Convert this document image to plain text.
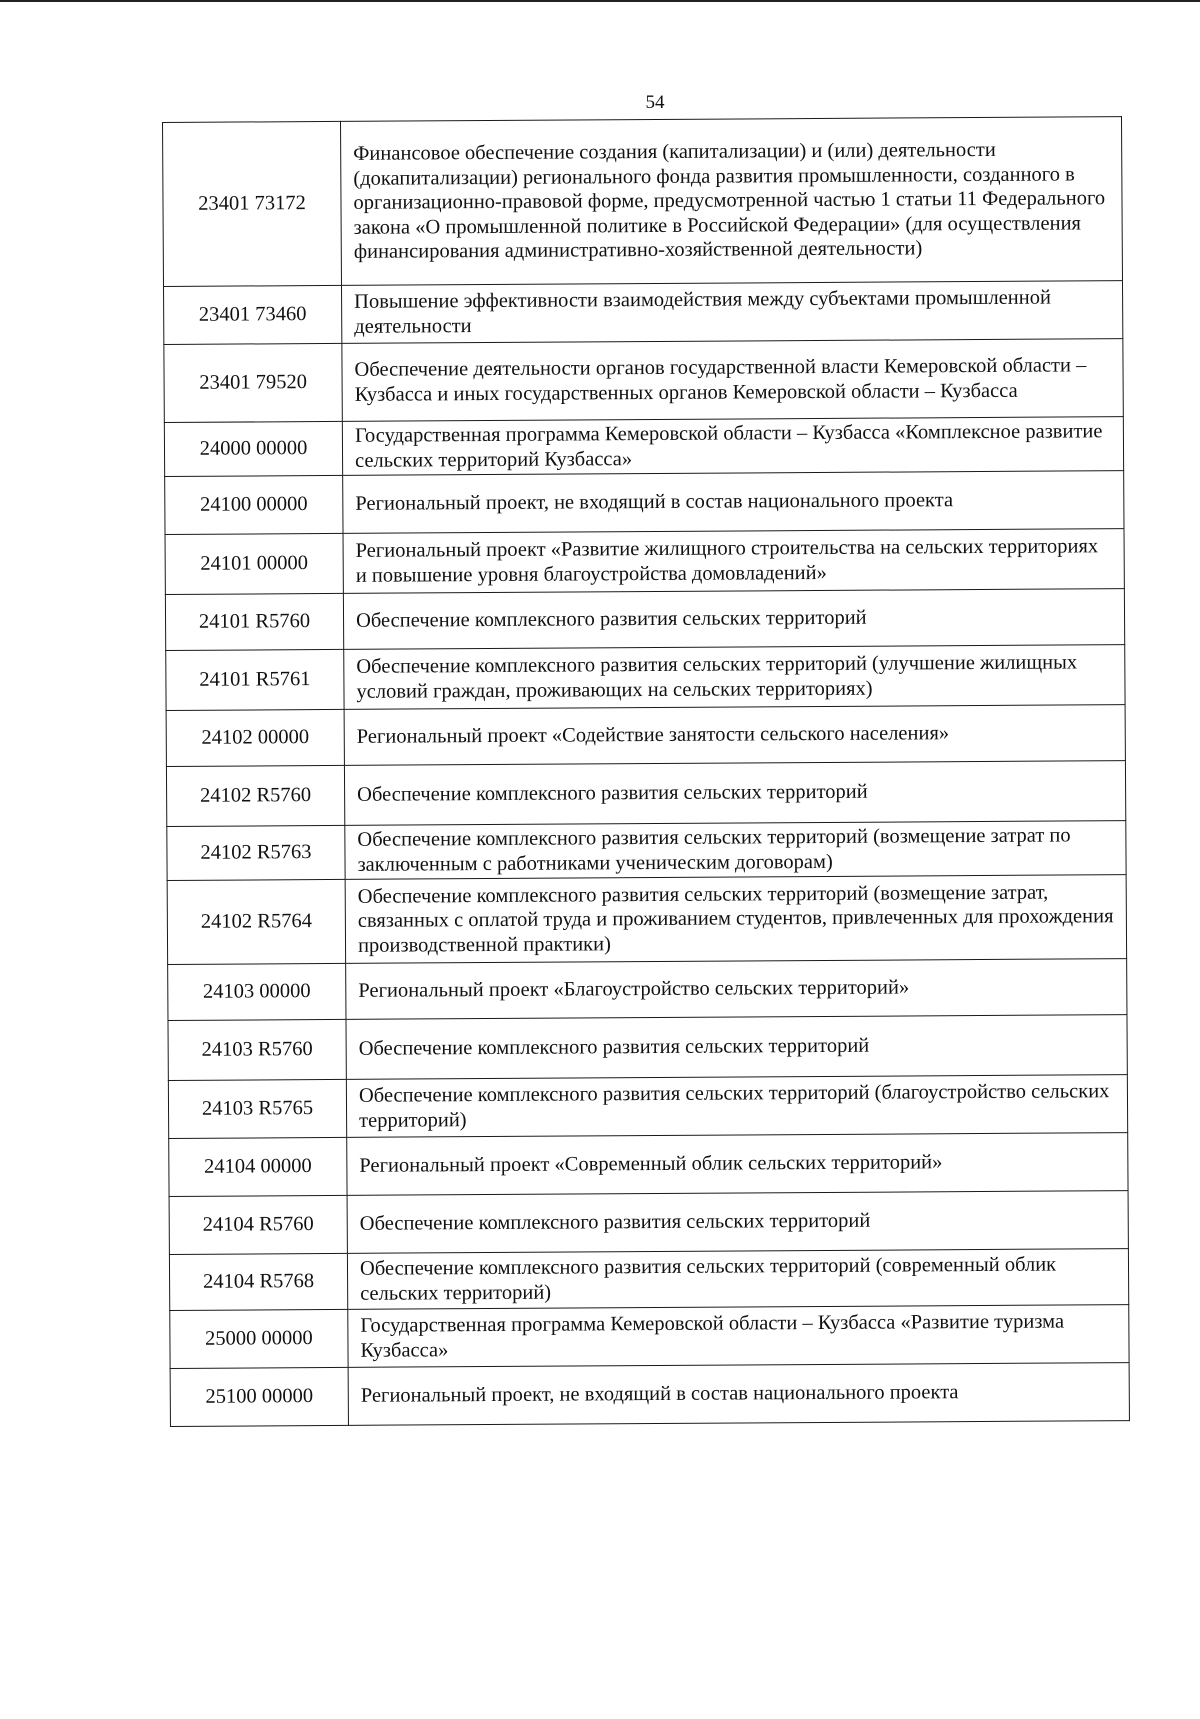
54
23401 73172	Финансовое обеспечение создания (капитализации) и (или) деятельности (докапитализации) регионального фонда развития промышленности, созданного в организационно-правовой форме, предусмотренной частью 1 статьи 11 Федерального закона «О промышленной политике в Российской Федерации» (для осуществления финансирования административно-хозяйственной деятельности)
23401 73460	Повышение эффективности взаимодействия между субъектами промышленной деятельности
23401 79520	Обеспечение деятельности органов государственной власти Кемеровской области – Кузбасса и иных государственных органов Кемеровской области – Кузбасса
24000 00000	Государственная программа Кемеровской области – Кузбасса «Комплексное развитие сельских территорий Кузбасса»
24100 00000	Региональный проект, не входящий в состав национального проекта
24101 00000	Региональный проект «Развитие жилищного строительства на сельских территориях и повышение уровня благоустройства домовладений»
24101 R5760	Обеспечение комплексного развития сельских территорий
24101 R5761	Обеспечение комплексного развития сельских территорий (улучшение жилищных условий граждан, проживающих на сельских территориях)
24102 00000	Региональный проект «Содействие занятости сельского населения»
24102 R5760	Обеспечение комплексного развития сельских территорий
24102 R5763	Обеспечение комплексного развития сельских территорий (возмещение затрат по заключенным с работниками ученическим договорам)
24102 R5764	Обеспечение комплексного развития сельских территорий (возмещение затрат, связанных с оплатой труда и проживанием студентов, привлеченных для прохождения производственной практики)
24103 00000	Региональный проект «Благоустройство сельских территорий»
24103 R5760	Обеспечение комплексного развития сельских территорий
24103 R5765	Обеспечение комплексного развития сельских территорий (благоустройство сельских территорий)
24104 00000	Региональный проект «Современный облик сельских территорий»
24104 R5760	Обеспечение комплексного развития сельских территорий
24104 R5768	Обеспечение комплексного развития сельских территорий (современный облик сельских территорий)
25000 00000	Государственная программа Кемеровской области – Кузбасса «Развитие туризма Кузбасса»
25100 00000	Региональный проект, не входящий в состав национального проекта
